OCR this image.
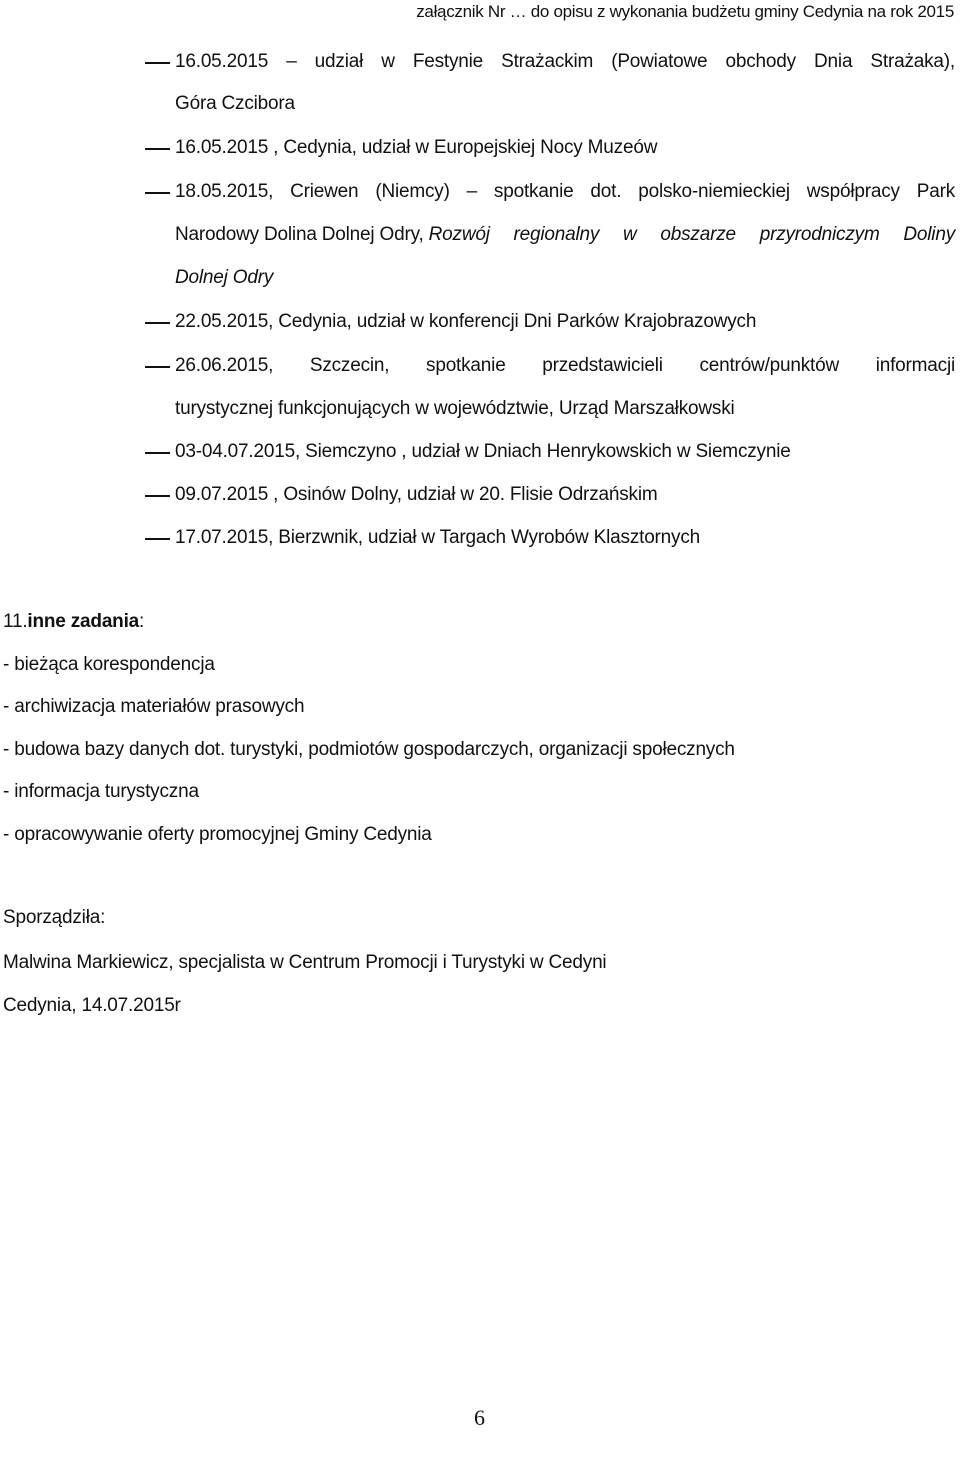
załącznik Nr … do opisu z wykonania budżetu gminy Cedynia na rok 2015
16.05.2015 – udział w Festynie Strażackim (Powiatowe obchody Dnia Strażaka),
Góra Czcibora
16.05.2015 , Cedynia, udział w Europejskiej Nocy Muzeów
18.05.2015, Criewen (Niemcy) – spotkanie dot. polsko-niemieckiej współpracy Park
Narodowy Dolina Dolnej Odry, Rozwój regionalny w obszarze przyrodniczym Doliny
Dolnej Odry
22.05.2015, Cedynia, udział w konferencji Dni Parków Krajobrazowych
26.06.2015, Szczecin, spotkanie przedstawicieli centrów/punktów informacji
turystycznej funkcjonujących w województwie, Urząd Marszałkowski
03-04.07.2015, Siemczyno , udział w Dniach Henrykowskich w Siemczynie
09.07.2015 , Osinów Dolny, udział w 20. Flisie Odrzańskim
17.07.2015, Bierzwnik, udział w Targach Wyrobów Klasztornych
11.inne zadania:
- bieżąca korespondencja
- archiwizacja materiałów prasowych
- budowa bazy danych dot. turystyki, podmiotów gospodarczych, organizacji społecznych
- informacja turystyczna
- opracowywanie oferty promocyjnej Gminy Cedynia
Sporządziła:
Malwina Markiewicz, specjalista w Centrum Promocji i Turystyki w Cedyni
Cedynia, 14.07.2015r
6
